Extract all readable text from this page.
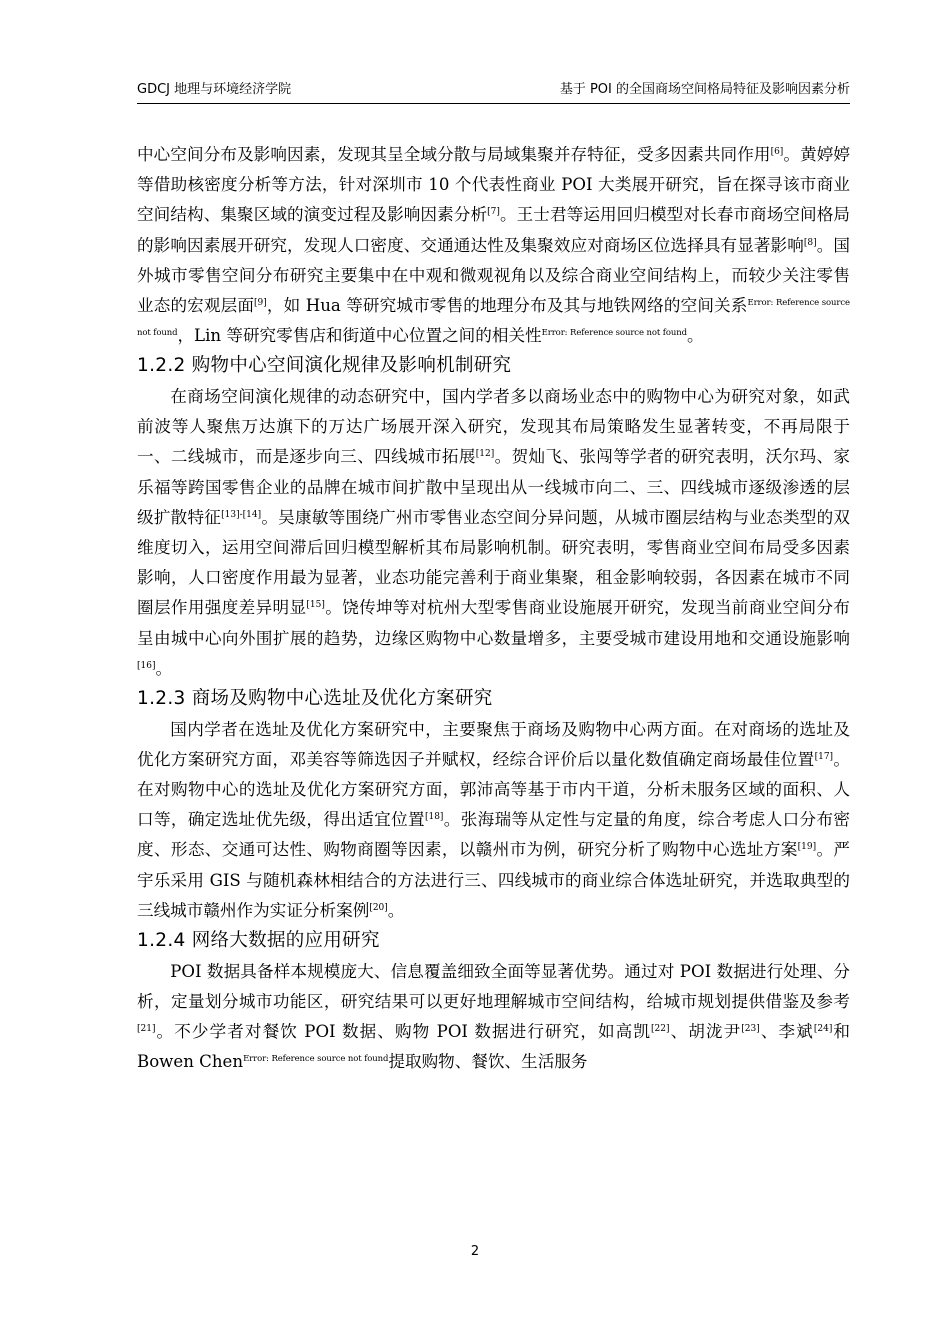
GDCJ 地理与环境经济学院	基于 POI 的全国商场空间格局特征及影响因素分析

中心空间分布及影响因素，发现其呈全域分散与局域集聚并存特征，受多因素共同作用[6]。黄婷婷等借助核密度分析等方法，针对深圳市 10 个代表性商业 POI 大类展开研究，旨在探寻该市商业空间结构、集聚区域的演变过程及影响因素分析[7]。王士君等运用回归模型对长春市商场空间格局的影响因素展开研究，发现人口密度、交通通达性及集聚效应对商场区位选择具有显著影响[8]。国外城市零售空间分布研究主要集中在中观和微观视角以及综合商业空间结构上，而较少关注零售业态的宏观层面[9]，如 Hua 等研究城市零售的地理分布及其与地铁网络的空间关系$^{Error: Reference source not found}$，Lin 等研究零售店和街道中心位置之间的相关性$^{Error: Reference source not found}$。

1.2.2 购物中心空间演化规律及影响机制研究

在商场空间演化规律的动态研究中，国内学者多以商场业态中的购物中心为研究对象，如武前波等人聚焦万达旗下的万达广场展开深入研究，发现其布局策略发生显著转变，不再局限于一、二线城市，而是逐步向三、四线城市拓展[12]。贺灿飞、张闯等学者的研究表明，沃尔玛、家乐福等跨国零售企业的品牌在城市间扩散中呈现出从一线城市向二、三、四线城市逐级渗透的层级扩散特征[13]-[14]。吴康敏等围绕广州市零售业态空间分异问题，从城市圈层结构与业态类型的双维度切入，运用空间滞后回归模型解析其布局影响机制。研究表明，零售商业空间布局受多因素影响，人口密度作用最为显著，业态功能完善利于商业集聚，租金影响较弱，各因素在城市不同圈层作用强度差异明显[15]。饶传坤等对杭州大型零售商业设施展开研究，发现当前商业空间分布呈由城中心向外围扩展的趋势，边缘区购物中心数量增多，主要受城市建设用地和交通设施影响[16]。

1.2.3 商场及购物中心选址及优化方案研究

国内学者在选址及优化方案研究中，主要聚焦于商场及购物中心两方面。在对商场的选址及优化方案研究方面，邓美容等筛选因子并赋权，经综合评价后以量化数值确定商场最佳位置[17]。在对购物中心的选址及优化方案研究方面，郭沛高等基于市内干道，分析未服务区域的面积、人口等，确定选址优先级，得出适宜位置[18]。张海瑞等从定性与定量的角度，综合考虑人口分布密度、形态、交通可达性、购物商圈等因素，以赣州市为例，研究分析了购物中心选址方案[19]。严宇乐采用 GIS 与随机森林相结合的方法进行三、四线城市的商业综合体选址研究，并选取典型的三线城市赣州作为实证分析案例[20]。

1.2.4 网络大数据的应用研究

POI 数据具备样本规模庞大、信息覆盖细致全面等显著优势。通过对 POI 数据进行处理、分析，定量划分城市功能区，研究结果可以更好地理解城市空间结构，给城市规划提供借鉴及参考[21]。不少学者对餐饮 POI 数据、购物 POI 数据进行研究，如高凯[22]、胡泷尹[23]、李斌[24]和 Bowen Chen$^{Error: Reference source not found}$提取购物、餐饮、生活服务

2
